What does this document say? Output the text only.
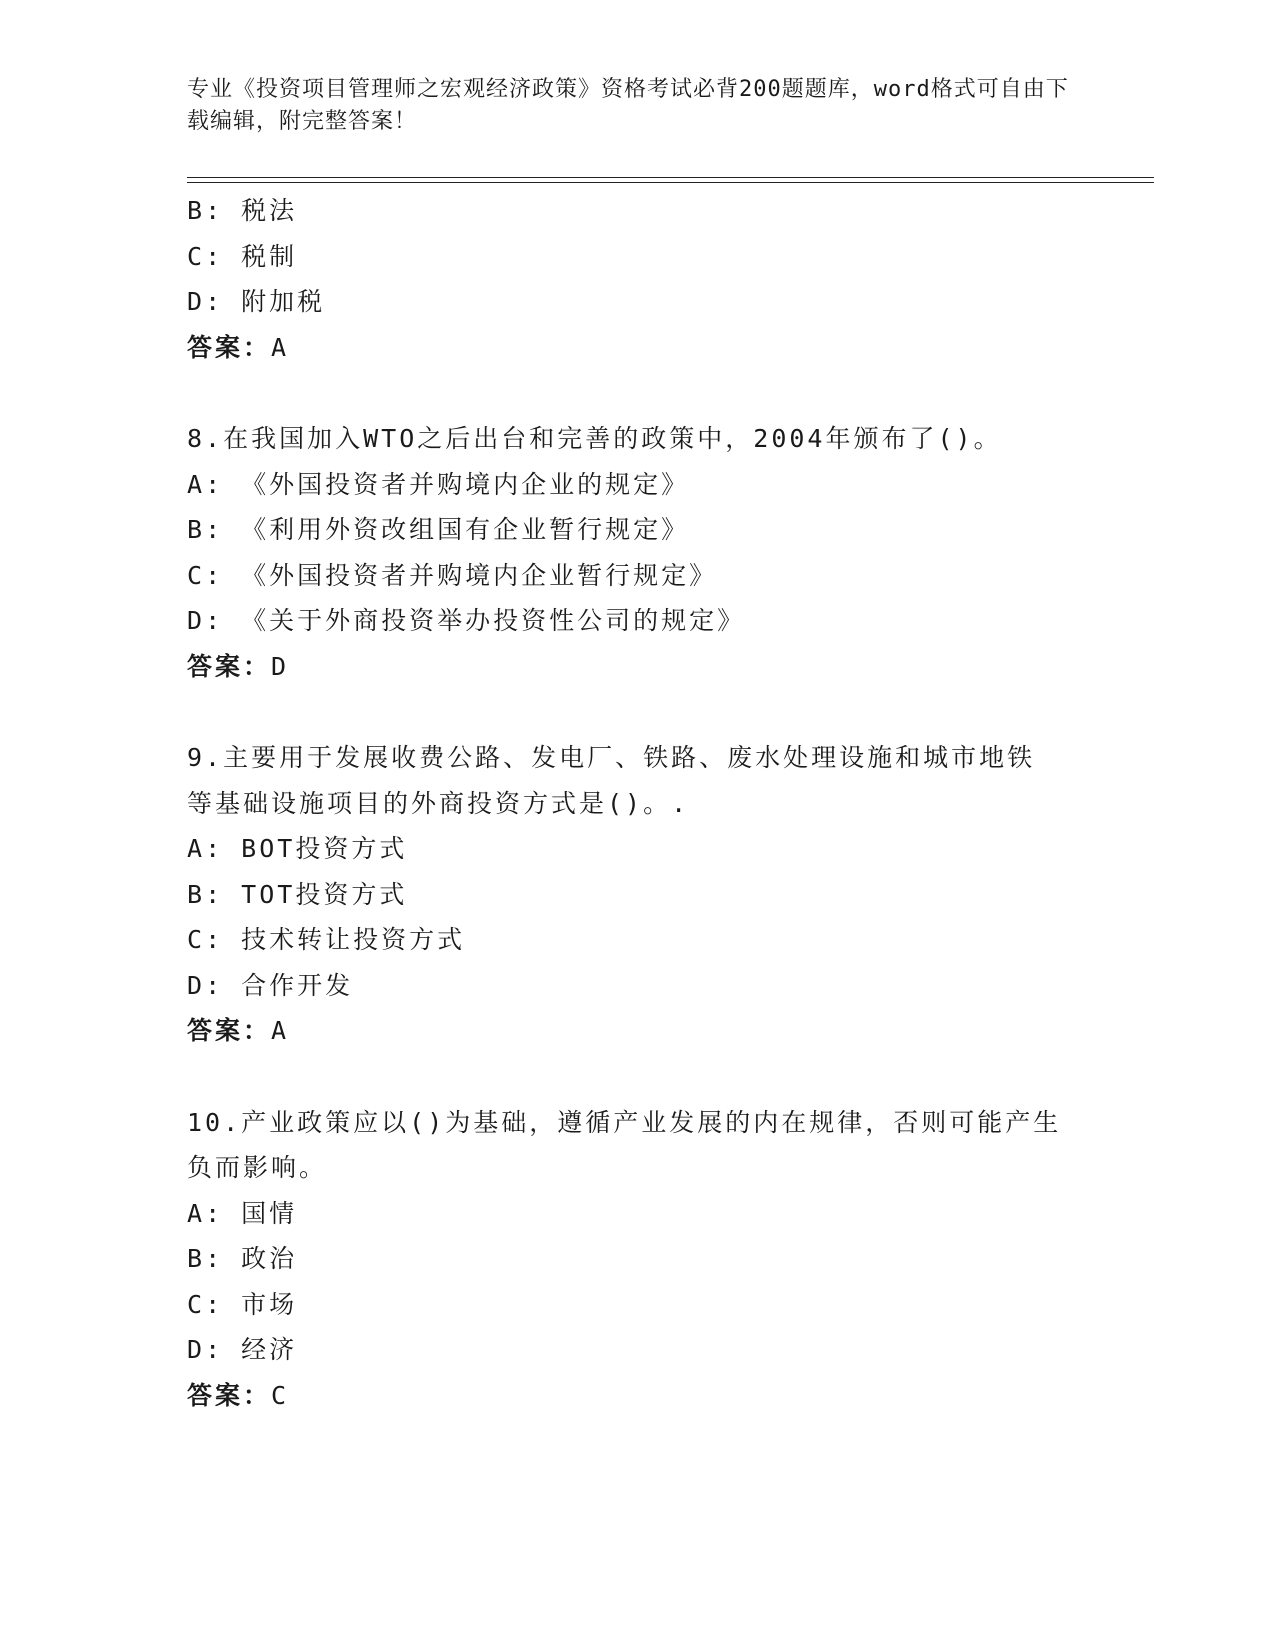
专业《投资项目管理师之宏观经济政策》资格考试必背200题题库，word格式可自由下载编辑，附完整答案！
B: 税法
C: 税制
D: 附加税
答案：A
8.在我国加入WTO之后出台和完善的政策中，2004年颁布了()。
A: 《外国投资者并购境内企业的规定》
B: 《利用外资改组国有企业暂行规定》
C: 《外国投资者并购境内企业暂行规定》
D: 《关于外商投资举办投资性公司的规定》
答案：D
9.主要用于发展收费公路、发电厂、铁路、废水处理设施和城市地铁
等基础设施项目的外商投资方式是()。.
A: BOT投资方式
B: TOT投资方式
C: 技术转让投资方式
D: 合作开发
答案：A
10.产业政策应以()为基础，遵循产业发展的内在规律，否则可能产生
负而影响。
A: 国情
B: 政治
C: 市场
D: 经济
答案：C
